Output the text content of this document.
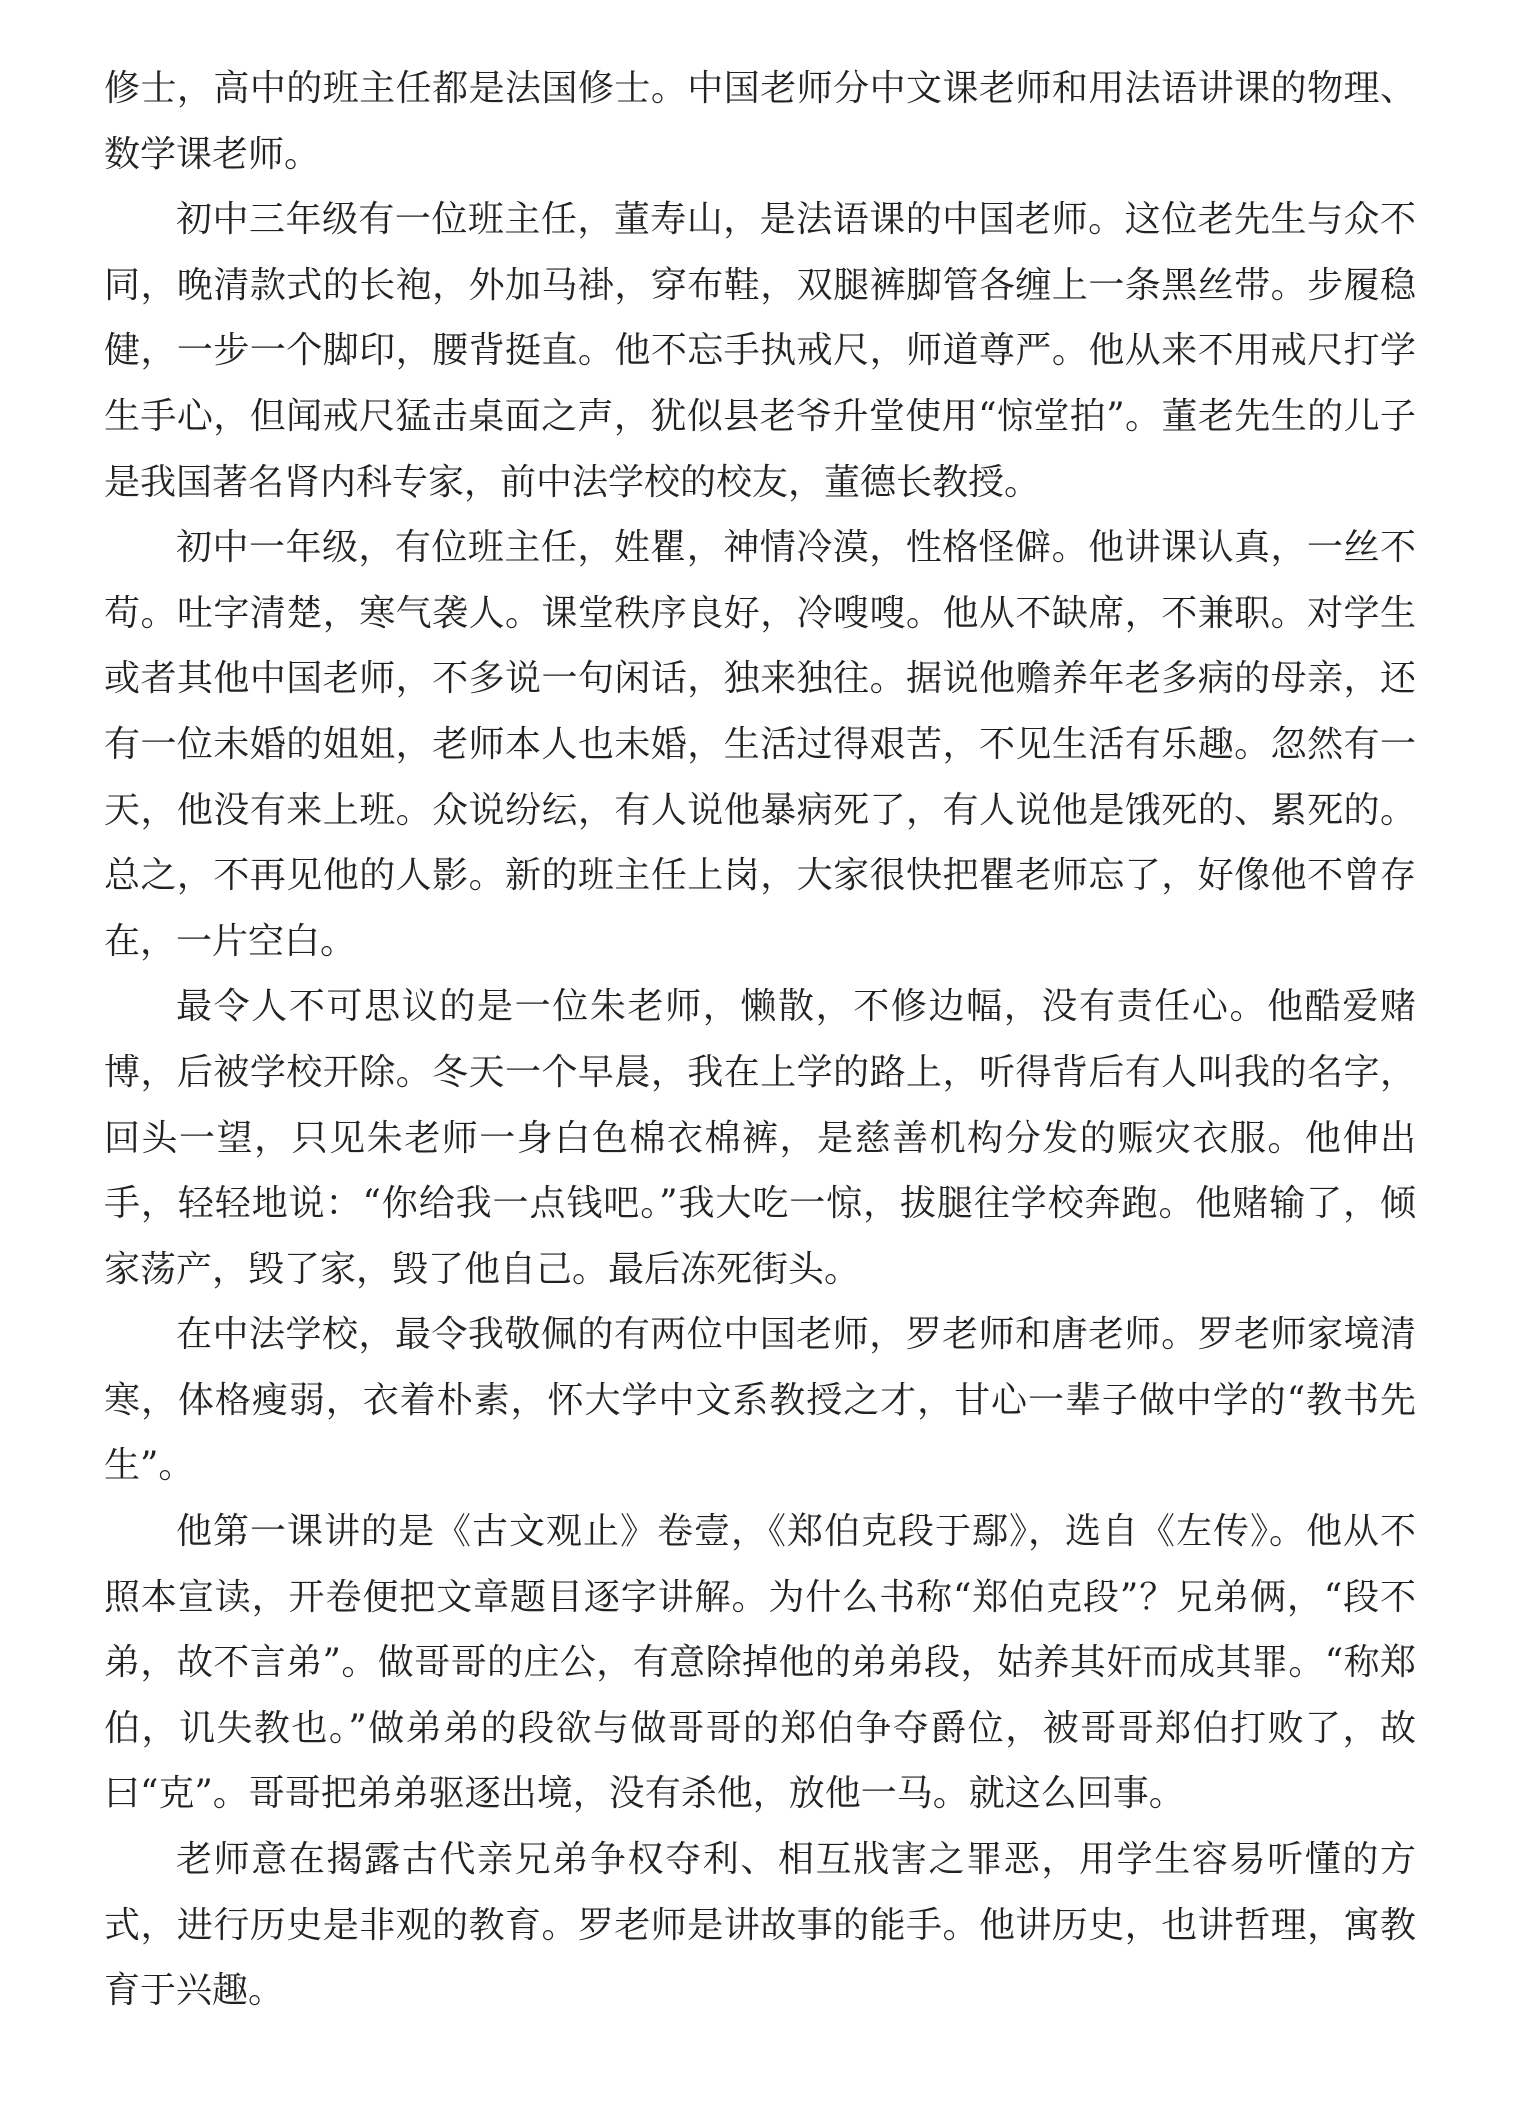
修士，高中的班主任都是法国修士。中国老师分中文课老师和用法语讲课的物理、数学课老师。

初中三年级有一位班主任，董寿山，是法语课的中国老师。这位老先生与众不同，晚清款式的长袍，外加马褂，穿布鞋，双腿裤脚管各缠上一条黑丝带。步履稳健，一步一个脚印，腰背挺直。他不忘手执戒尺，师道尊严。他从来不用戒尺打学生手心，但闻戒尺猛击桌面之声，犹似县老爷升堂使用“惊堂拍”。董老先生的儿子是我国著名肾内科专家，前中法学校的校友，董德长教授。

初中一年级，有位班主任，姓瞿，神情冷漠，性格怪僻。他讲课认真，一丝不苟。吐字清楚，寒气袭人。课堂秩序良好，冷嗖嗖。他从不缺席，不兼职。对学生或者其他中国老师，不多说一句闲话，独来独往。据说他赡养年老多病的母亲，还有一位未婚的姐姐，老师本人也未婚，生活过得艰苦，不见生活有乐趣。忽然有一天，他没有来上班。众说纷纭，有人说他暴病死了，有人说他是饿死的、累死的。总之，不再见他的人影。新的班主任上岗，大家很快把瞿老师忘了，好像他不曾存在，一片空白。

最令人不可思议的是一位朱老师，懒散，不修边幅，没有责任心。他酷爱赌博，后被学校开除。冬天一个早晨，我在上学的路上，听得背后有人叫我的名字，回头一望，只见朱老师一身白色棉衣棉裤，是慈善机构分发的赈灾衣服。他伸出手，轻轻地说：“你给我一点钱吧。”我大吃一惊，拔腿往学校奔跑。他赌输了，倾家荡产，毁了家，毁了他自己。最后冻死街头。

在中法学校，最令我敬佩的有两位中国老师，罗老师和唐老师。罗老师家境清寒，体格瘦弱，衣着朴素，怀大学中文系教授之才，甘心一辈子做中学的“教书先生”。

他第一课讲的是《古文观止》卷壹，《郑伯克段于鄢》，选自《左传》。他从不照本宣读，开卷便把文章题目逐字讲解。为什么书称“郑伯克段”？兄弟俩，“段不弟，故不言弟”。做哥哥的庄公，有意除掉他的弟弟段，姑养其奸而成其罪。“称郑伯，讥失教也。”做弟弟的段欲与做哥哥的郑伯争夺爵位，被哥哥郑伯打败了，故曰“克”。哥哥把弟弟驱逐出境，没有杀他，放他一马。就这么回事。

老师意在揭露古代亲兄弟争权夺利、相互戕害之罪恶，用学生容易听懂的方式，进行历史是非观的教育。罗老师是讲故事的能手。他讲历史，也讲哲理，寓教育于兴趣。
